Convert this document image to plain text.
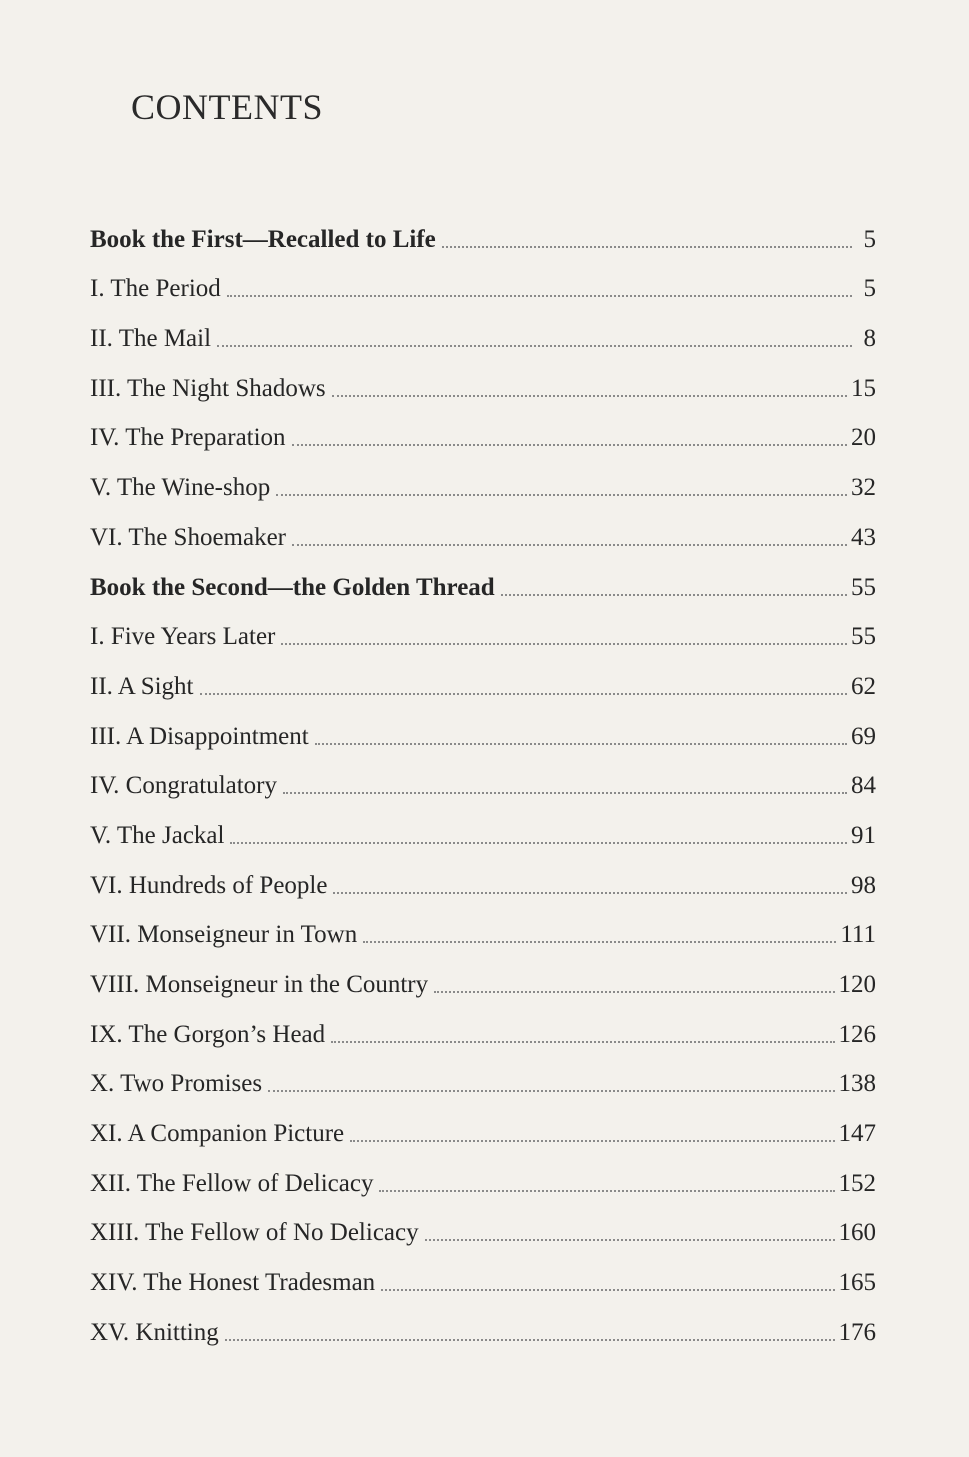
CONTENTS
Book the First—Recalled to Life	5
I. The Period	5
II. The Mail	8
III. The Night Shadows	15
IV. The Preparation	20
V. The Wine-shop	32
VI. The Shoemaker	43
Book the Second—the Golden Thread	55
I. Five Years Later	55
II. A Sight	62
III. A Disappointment	69
IV. Congratulatory	84
V. The Jackal	91
VI. Hundreds of People	98
VII. Monseigneur in Town	111
VIII. Monseigneur in the Country	120
IX. The Gorgon’s Head	126
X. Two Promises	138
XI. A Companion Picture	147
XII. The Fellow of Delicacy	152
XIII. The Fellow of No Delicacy	160
XIV. The Honest Tradesman	165
XV. Knitting	176
